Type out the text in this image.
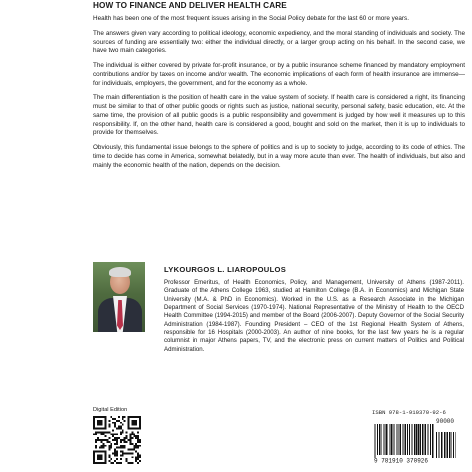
HOW TO FINANCE AND DELIVER HEALTH CARE

Health has been one of the most frequent issues arising in the Social Policy debate for the last 60 or more years.

The answers given vary according to political ideology, economic expediency, and the moral standing of individuals and society. The sources of funding are essentially two: either the individual directly, or a larger group acting on his behalf. In the second case, we have two main categories.

The individual is either covered by private for-profit insurance, or by a public insurance scheme financed by mandatory employment contributions and/or by taxes on income and/or wealth. The economic implications of each form of health insurance are immense—for individuals, employers, the government, and for the economy as a whole.

The main differentiation is the position of health care in the value system of society. If health care is considered a right, its financing must be similar to that of other public goods or rights such as justice, national security, personal safety, basic education, etc. At the same time, the provision of all public goods is a public responsibility and government is judged by how well it measures up to this responsibility. If, on the other hand, health care is considered a good, bought and sold on the market, then it is up to individuals to provide for themselves.

Obviously, this fundamental issue belongs to the sphere of politics and is up to society to judge, according to its code of ethics. The time to decide has come in America, somewhat belatedly, but in a way more acute than ever. The health of individuals, but also and mainly the economic health of the nation, depends on the decision.

LYKOURGOS L. LIAROPOULOS

Professor Emeritus, of Health Economics, Policy, and Management, University of Athens (1987-2011). Graduate of the Athens College 1963, studied at Hamilton College (B.A. in Economics) and Michigan State University (M.A. & PhD in Economics). Worked in the U.S. as a Research Associate in the Michigan Department of Social Services (1970-1974). National Representative of the Ministry of Health to the OECD Health Committee (1994-2015) and member of the Board (2006-2007). Deputy Governor of the Social Security Administration (1984-1987). Founding President – CEO of the 1st Regional Health System of Athens, responsible for 16 Hospitals (2000-2003). An author of nine books, for the last few years he is a regular columnist in major Athens papers, TV, and the electronic press on current matters of Politics and Political Administration.

Digital Edition	ISBN 978-1-910370-92-6
90000
9 781910 370926
